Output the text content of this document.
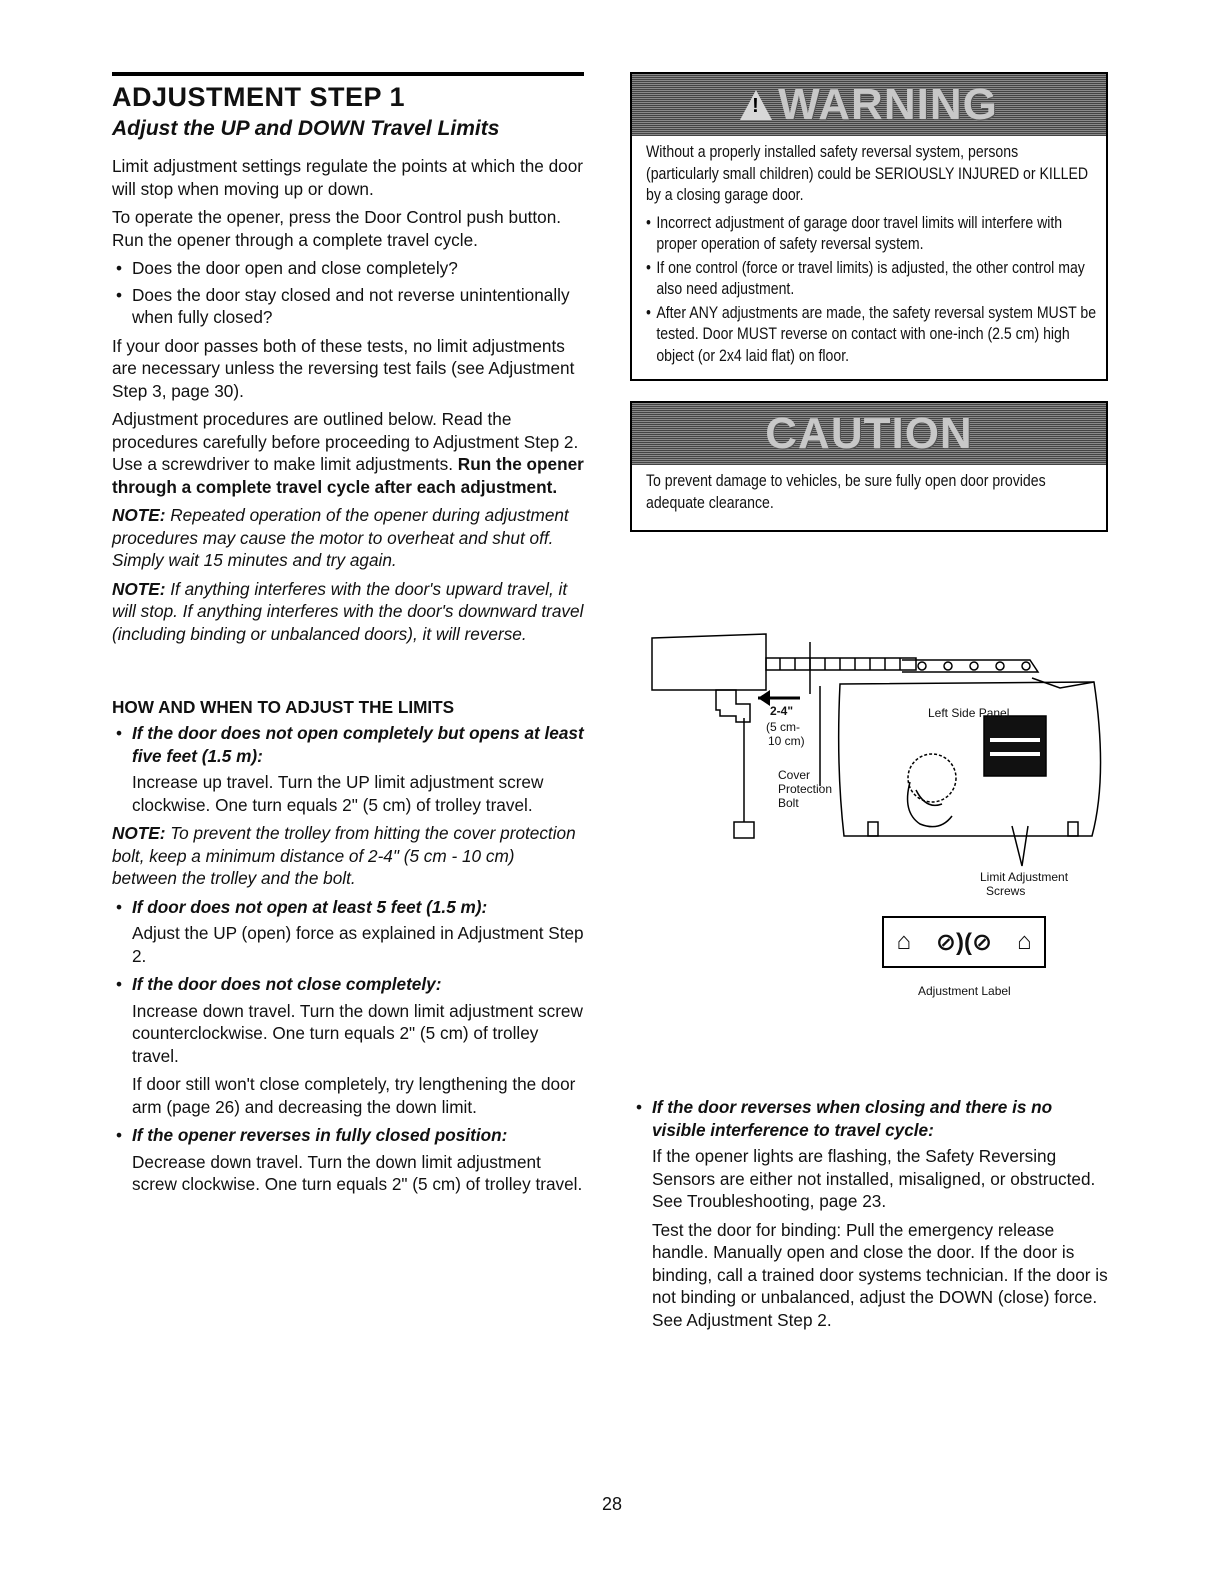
ADJUSTMENT STEP 1
Adjust the UP and DOWN Travel Limits

Limit adjustment settings regulate the points at which the door will stop when moving up or down.

To operate the opener, press the Door Control push button. Run the opener through a complete travel cycle.

• Does the door open and close completely?
• Does the door stay closed and not reverse unintentionally when fully closed?

If your door passes both of these tests, no limit adjustments are necessary unless the reversing test fails (see Adjustment Step 3, page 30).

Adjustment procedures are outlined below. Read the procedures carefully before proceeding to Adjustment Step 2. Use a screwdriver to make limit adjustments. Run the opener through a complete travel cycle after each adjustment.

NOTE: Repeated operation of the opener during adjustment procedures may cause the motor to overheat and shut off. Simply wait 15 minutes and try again.

NOTE: If anything interferes with the door's upward travel, it will stop. If anything interferes with the door's downward travel (including binding or unbalanced doors), it will reverse.

HOW AND WHEN TO ADJUST THE LIMITS
• If the door does not open completely but opens at least five feet (1.5 m):

Increase up travel. Turn the UP limit adjustment screw clockwise. One turn equals 2" (5 cm) of trolley travel.

NOTE: To prevent the trolley from hitting the cover protection bolt, keep a minimum distance of 2-4" (5 cm - 10 cm) between the trolley and the bolt.

• If door does not open at least 5 feet (1.5 m):

Adjust the UP (open) force as explained in Adjustment Step 2.

• If the door does not close completely:

Increase down travel. Turn the down limit adjustment screw counterclockwise. One turn equals 2" (5 cm) of trolley travel.

If door still won't close completely, try lengthening the door arm (page 26) and decreasing the down limit.

• If the opener reverses in fully closed position:

Decrease down travel. Turn the down limit adjustment screw clockwise. One turn equals 2" (5 cm) of trolley travel.

! WARNING

Without a properly installed safety reversal system, persons (particularly small children) could be SERIOUSLY INJURED or KILLED by a closing garage door.

• Incorrect adjustment of garage door travel limits will interfere with proper operation of safety reversal system.
• If one control (force or travel limits) is adjusted, the other control may also need adjustment.
• After ANY adjustments are made, the safety reversal system MUST be tested. Door MUST reverse on contact with one-inch (2.5 cm) high object (or 2x4 laid flat) on floor.
CAUTION

To prevent damage to vehicles, be sure fully open door provides adequate clearance.

2-4"
(5 cm-
10 cm)
Cover
Protection
Bolt
Left Side Panel
Limit Adjustment
Screws
⌂ ⊘)(⊘ ⌂
Adjustment Label
• If the door reverses when closing and there is no visible interference to travel cycle:

If the opener lights are flashing, the Safety Reversing Sensors are either not installed, misaligned, or obstructed. See Troubleshooting, page 23.

Test the door for binding: Pull the emergency release handle. Manually open and close the door. If the door is binding, call a trained door systems technician. If the door is not binding or unbalanced, adjust the DOWN (close) force. See Adjustment Step 2.

28
